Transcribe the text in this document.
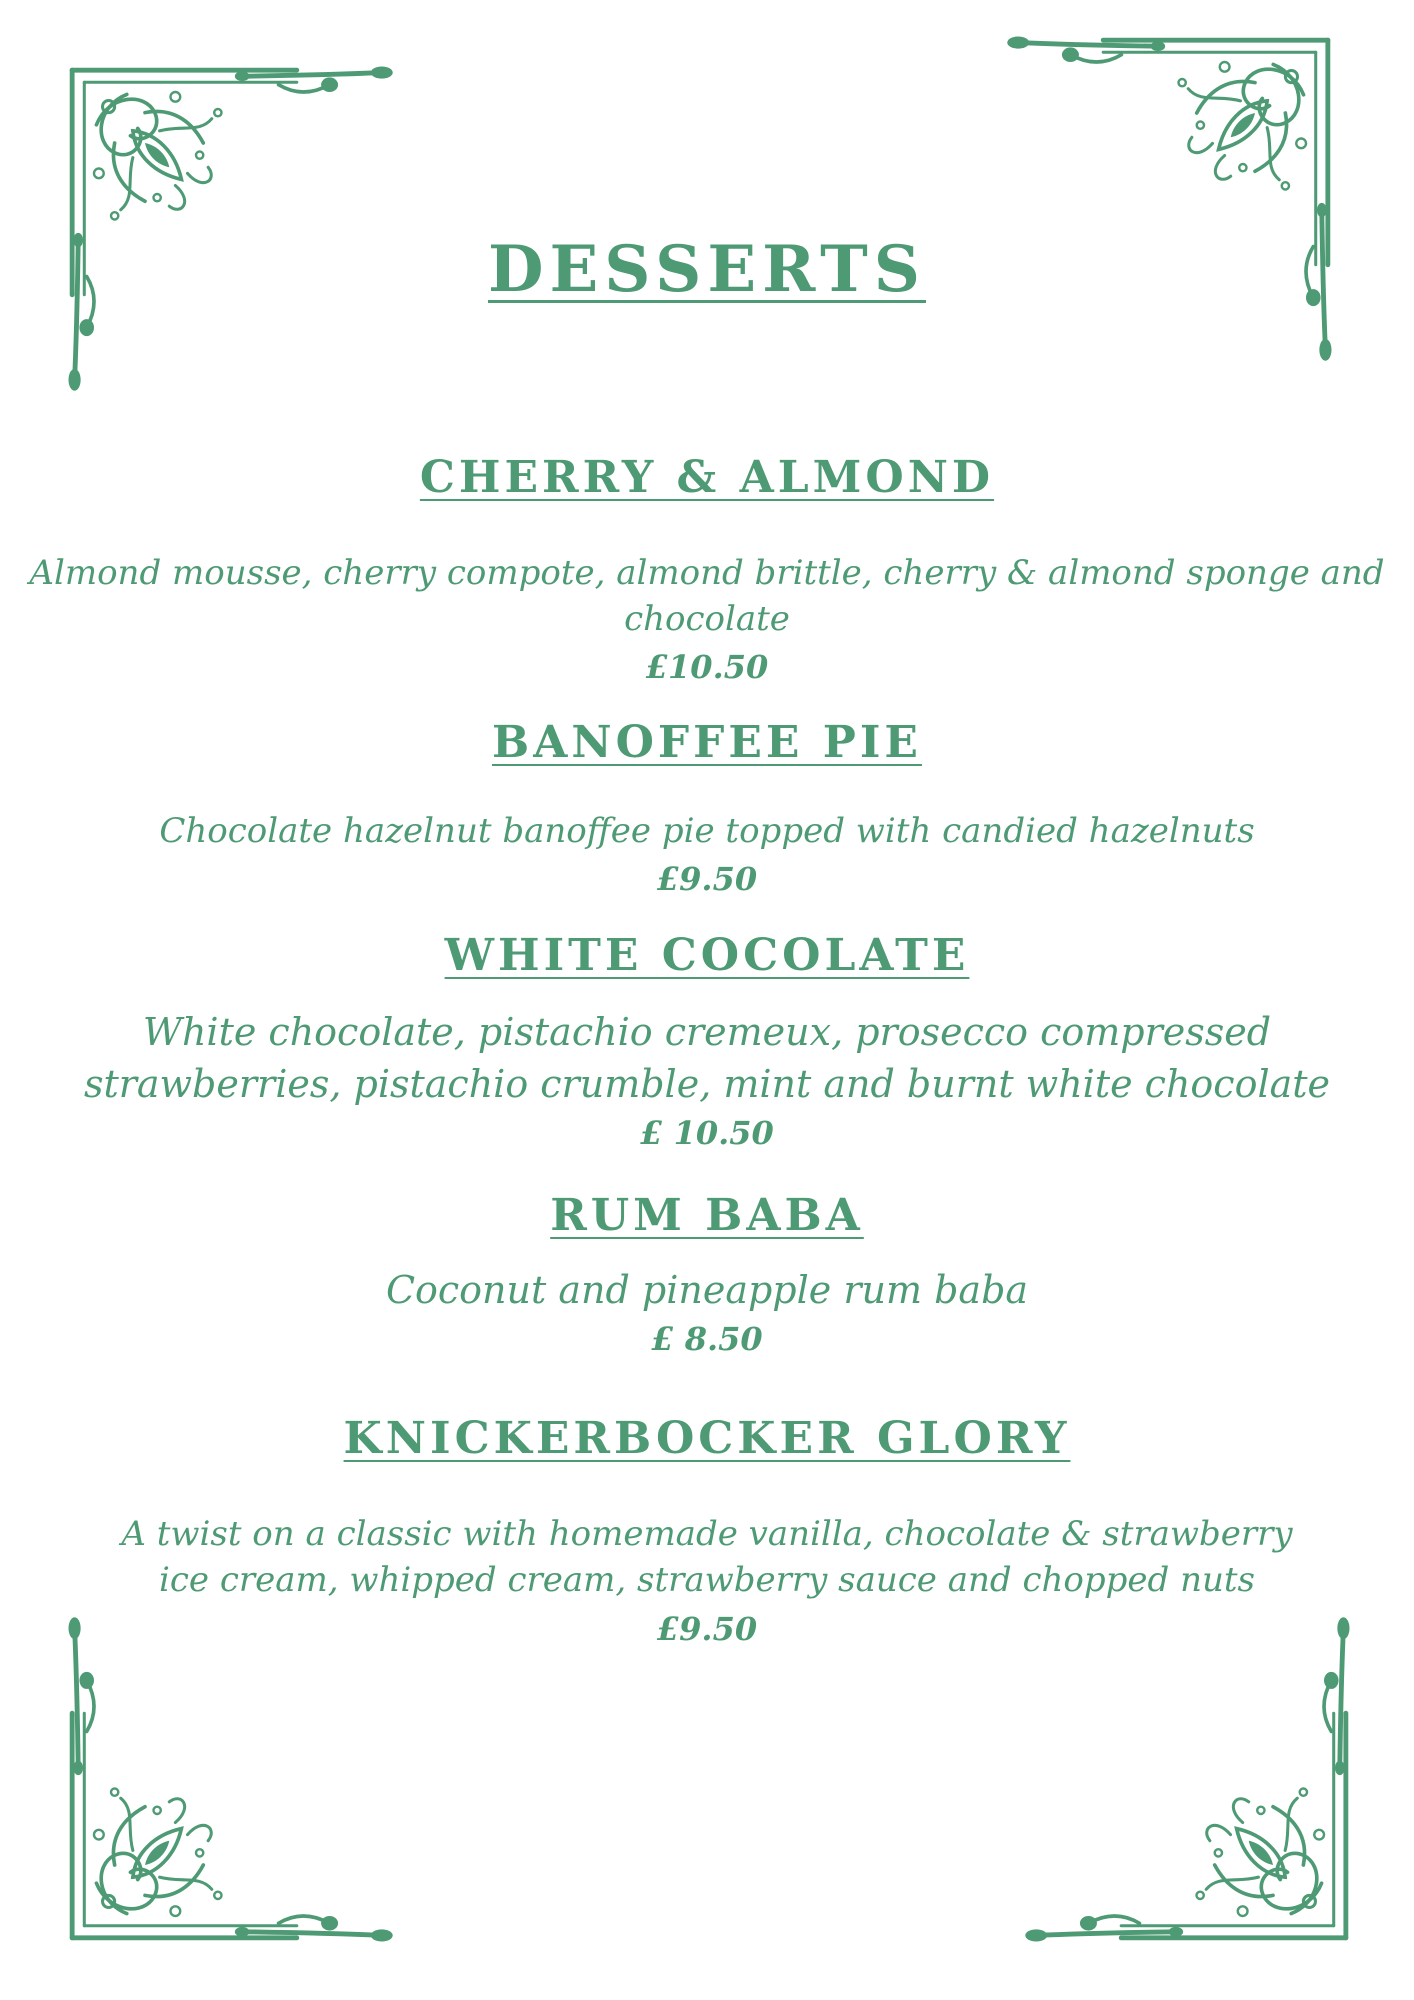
DESSERTS
CHERRY & ALMOND
Almond mousse, cherry compote, almond brittle, cherry & almond sponge and
chocolate
£10.50
BANOFFEE PIE
Chocolate hazelnut banoffee pie topped with candied hazelnuts
£9.50
WHITE COCOLATE
White chocolate, pistachio cremeux, prosecco compressed
strawberries, pistachio crumble, mint and burnt white chocolate
£ 10.50
RUM BABA
Coconut and pineapple rum baba
£ 8.50
KNICKERBOCKER GLORY
A twist on a classic with homemade vanilla, chocolate & strawberry
ice cream, whipped cream, strawberry sauce and chopped nuts
£9.50
